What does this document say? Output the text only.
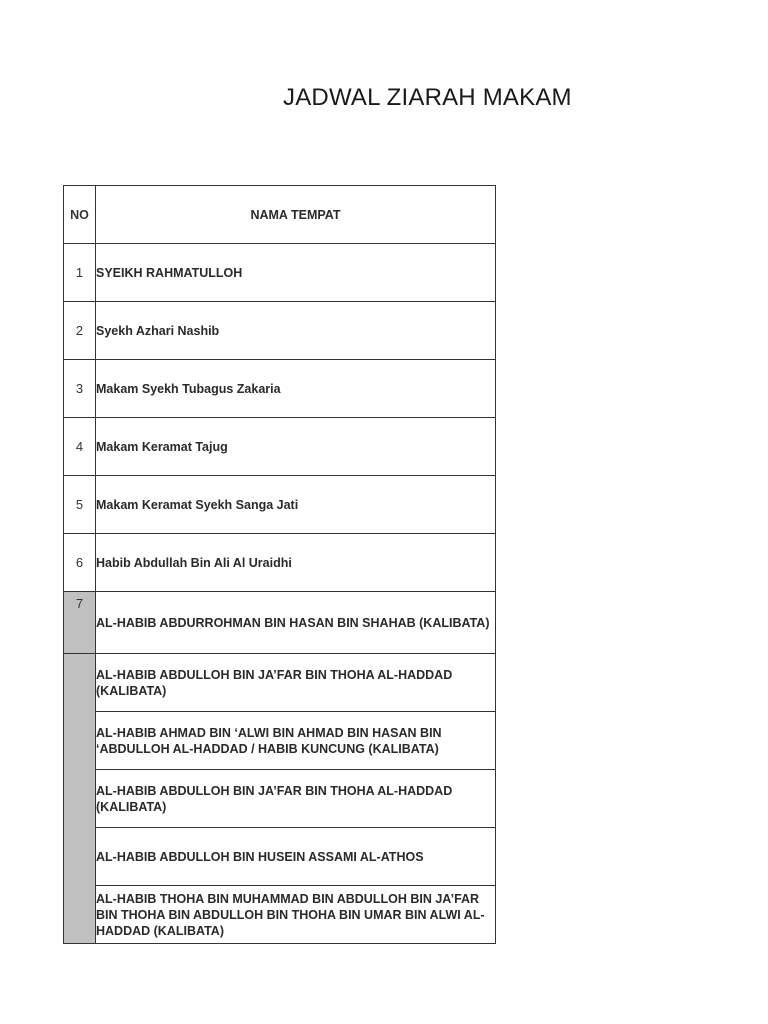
JADWAL ZIARAH MAKAM
NO	NAMA TEMPAT
1	SYEIKH RAHMATULLOH
2	Syekh Azhari Nashib
3	Makam Syekh Tubagus Zakaria
4	Makam Keramat Tajug
5	Makam Keramat Syekh Sanga Jati
6	Habib Abdullah Bin Ali Al Uraidhi
7	AL-HABIB ABDURROHMAN BIN HASAN BIN SHAHAB (KALIBATA)
	AL-HABIB ABDULLOH BIN JA’FAR BIN THOHA AL-HADDAD (KALIBATA)
	AL-HABIB AHMAD BIN ‘ALWI BIN AHMAD BIN HASAN BIN ‘ABDULLOH AL-HADDAD / HABIB KUNCUNG (KALIBATA)
	AL-HABIB ABDULLOH BIN JA’FAR BIN THOHA AL-HADDAD (KALIBATA)
	AL-HABIB ABDULLOH BIN HUSEIN ASSAMI AL-ATHOS
	AL-HABIB THOHA BIN MUHAMMAD BIN ABDULLOH BIN JA’FAR BIN THOHA BIN ABDULLOH BIN THOHA BIN UMAR BIN ALWI AL-HADDAD (KALIBATA)
